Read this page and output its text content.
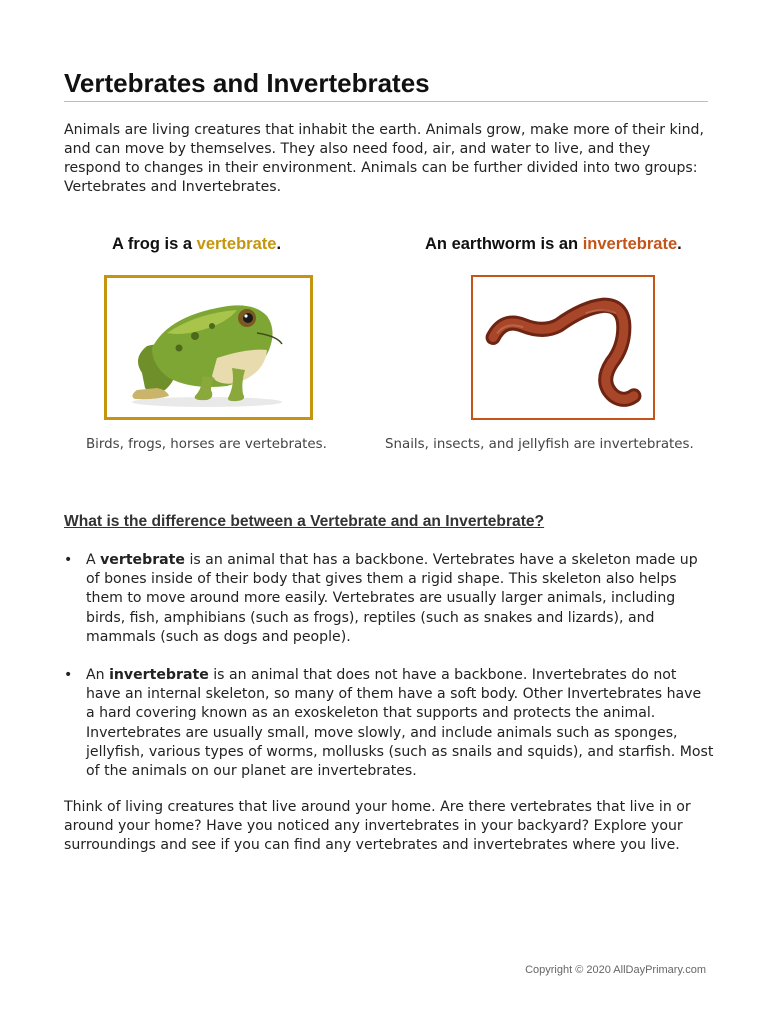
Vertebrates and Invertebrates

Animals are living creatures that inhabit the earth. Animals grow, make more of their kind, and can move by themselves. They also need food, air, and water to live, and they respond to changes in their environment. Animals can be further divided into two groups: Vertebrates and Invertebrates.

A frog is a vertebrate.	An earthworm is an invertebrate.
Birds, frogs, horses are vertebrates.	Snails, insects, and jellyfish are invertebrates.
What is the difference between a Vertebrate and an Invertebrate?
• A vertebrate is an animal that has a backbone. Vertebrates have a skeleton made up of bones inside of their body that gives them a rigid shape. This skeleton also helps them to move around more easily. Vertebrates are usually larger animals, including birds, fish, amphibians (such as frogs), reptiles (such as snakes and lizards), and mammals (such as dogs and people).
• An invertebrate is an animal that does not have a backbone. Invertebrates do not have an internal skeleton, so many of them have a soft body. Other Invertebrates have a hard covering known as an exoskeleton that supports and protects the animal. Invertebrates are usually small, move slowly, and include animals such as sponges, jellyfish, various types of worms, mollusks (such as snails and squids), and starfish. Most of the animals on our planet are invertebrates.

Think of living creatures that live around your home. Are there vertebrates that live in or around your home? Have you noticed any invertebrates in your backyard? Explore your surroundings and see if you can find any vertebrates and invertebrates where you live.

Copyright © 2020 AllDayPrimary.com
